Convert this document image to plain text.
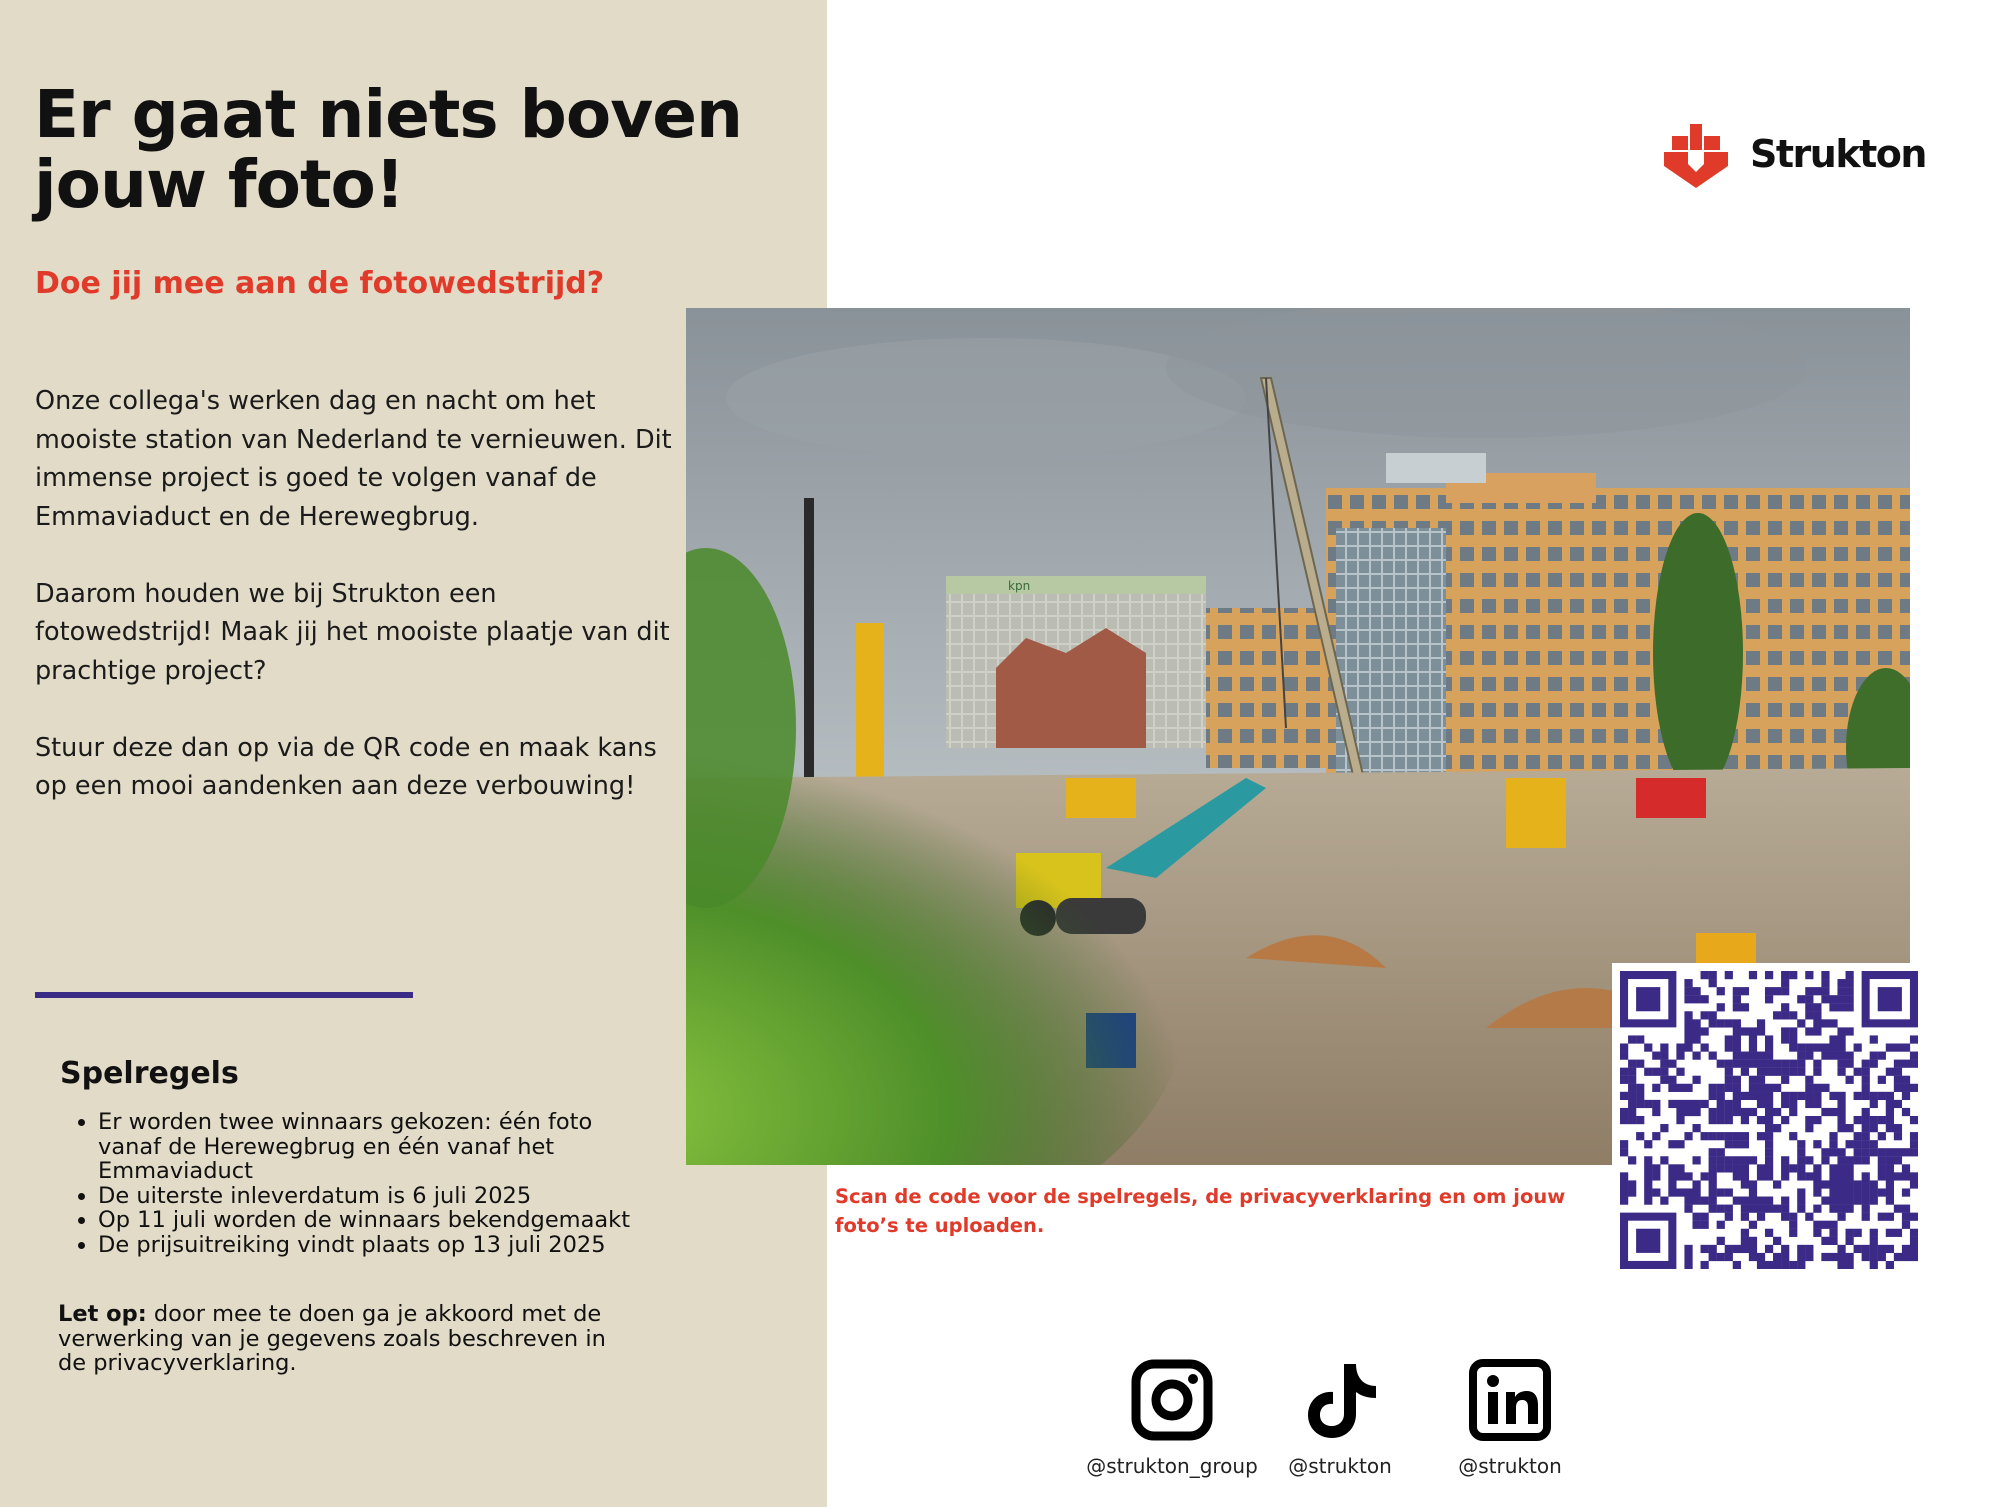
Er gaat niets boven jouw foto!
Doe jij mee aan de fotowedstrijd?

Onze collega's werken dag en nacht om het mooiste station van Nederland te vernieuwen. Dit immense project is goed te volgen vanaf de Emmaviaduct en de Herewegbrug.

Daarom houden we bij Strukton een fotowedstrijd! Maak jij het mooiste plaatje van dit prachtige project?

Stuur deze dan op via de QR code en maak kans op een mooi aandenken aan deze verbouwing!

Spelregels
• Er worden twee winnaars gekozen: één foto vanaf de Herewegbrug en één vanaf het Emmaviaduct
• De uiterste inleverdatum is 6 juli 2025
• Op 11 juli worden de winnaars bekendgemaakt
• De prijsuitreiking vindt plaats op 13 juli 2025
Let op: door mee te doen ga je akkoord met de verwerking van je gegevens zoals beschreven in de privacyverklaring.
Strukton
kpn
Scan de code voor de spelregels, de privacyverklaring en om jouw foto’s te uploaden.
@strukton_group	@strukton	@strukton
